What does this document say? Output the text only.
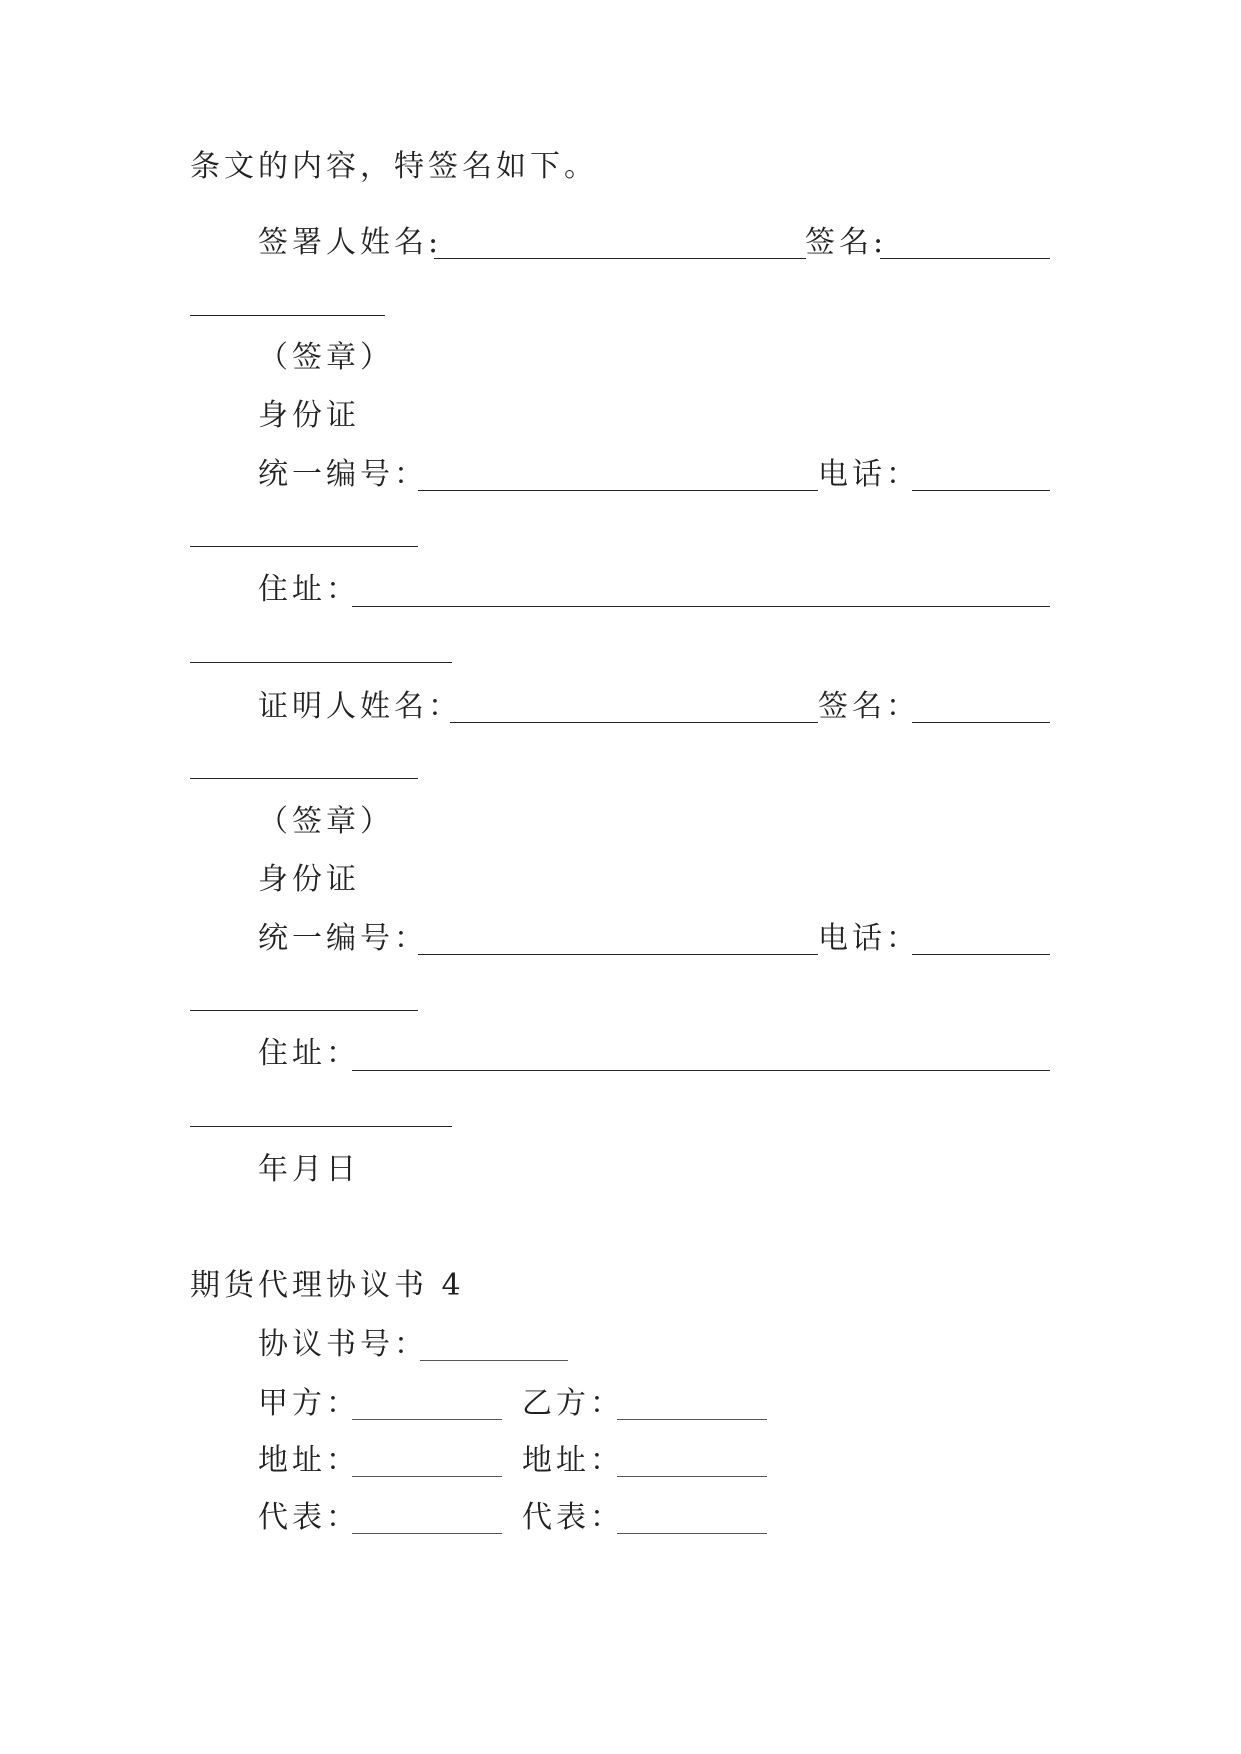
条文的内容，特签名如下。
签署人姓名:	签名:
（签章）
身份证
统一编号：	电话：
住址：
证明人姓名：	签名：
（签章）
身份证
统一编号：	电话：
住址：
年月日
期货代理协议书 4
协议书号：
甲方：	乙方：
地址：	地址：
代表：	代表：
